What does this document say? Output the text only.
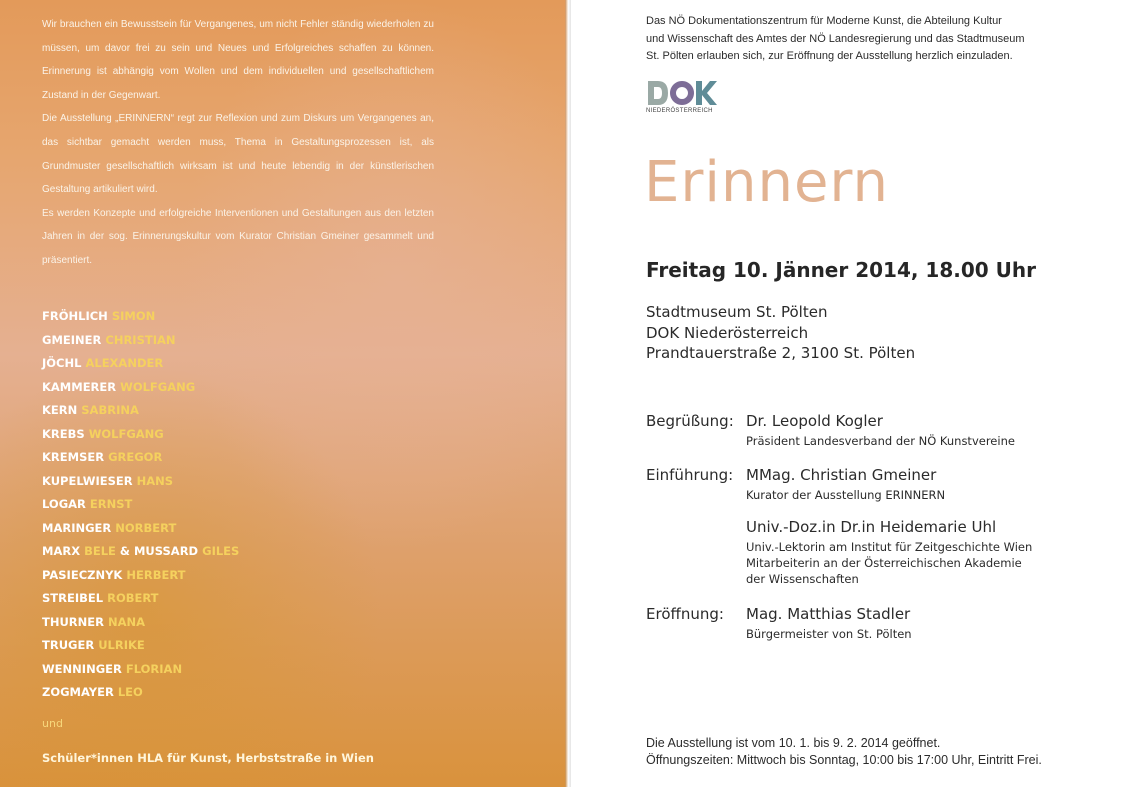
Wir brauchen ein Bewusstsein für Vergangenes, um nicht Fehler ständig wiederholen zu müssen, um davor frei zu sein und Neues und Erfolgreiches schaffen zu können. Erinnerung ist abhängig vom Wollen und dem individuellen und gesellschaftlichem Zustand in der Gegenwart.

Die Ausstellung „ERINNERN“ regt zur Reflexion und zum Diskurs um Vergangenes an, das sichtbar gemacht werden muss, Thema in Gestaltungsprozessen ist, als Grundmuster gesellschaftlich wirksam ist und heute lebendig in der künstlerischen Gestaltung artikuliert wird.

Es werden Konzepte und erfolgreiche Interventionen und Gestaltungen aus den letzten Jahren in der sog. Erinnerungskultur vom Kurator Christian Gmeiner gesammelt und präsentiert.

FRÖHLICH SIMON
GMEINER CHRISTIAN
JÖCHL ALEXANDER
KAMMERER WOLFGANG
KERN SABRINA
KREBS WOLFGANG
KREMSER GREGOR
KUPELWIESER HANS
LOGAR ERNST
MARINGER NORBERT
MARX BELE & MUSSARD GILES
PASIECZNYK HERBERT
STREIBEL ROBERT
THURNER NANA
TRUGER ULRIKE
WENNINGER FLORIAN
ZOGMAYER LEO
und
Schüler*innen HLA für Kunst, Herbststraße in Wien

Das NÖ Dokumentationszentrum für Moderne Kunst, die Abteilung Kultur

und Wissenschaft des Amtes der NÖ Landesregierung und das Stadtmuseum

St. Pölten erlauben sich, zur Eröffnung der Ausstellung herzlich einzuladen.

NIEDERÖSTERREICH
Erinnern
Freitag 10. Jänner 2014, 18.00 Uhr
Stadtmuseum St. Pölten
DOK Niederösterreich
Prandtauerstraße 2, 3100 St. Pölten
Begrüßung: Dr. Leopold Kogler
Präsident Landesverband der NÖ Kunstvereine
Einführung: MMag. Christian Gmeiner
Kurator der Ausstellung ERINNERN
Univ.-Doz.in Dr.in Heidemarie Uhl
Univ.-Lektorin am Institut für Zeitgeschichte Wien
Mitarbeiterin an der Österreichischen Akademie
der Wissenschaften
Eröffnung: Mag. Matthias Stadler
Bürgermeister von St. Pölten
Die Ausstellung ist vom 10. 1. bis 9. 2. 2014 geöffnet.
Öffnungszeiten: Mittwoch bis Sonntag, 10:00 bis 17:00 Uhr, Eintritt Frei.
